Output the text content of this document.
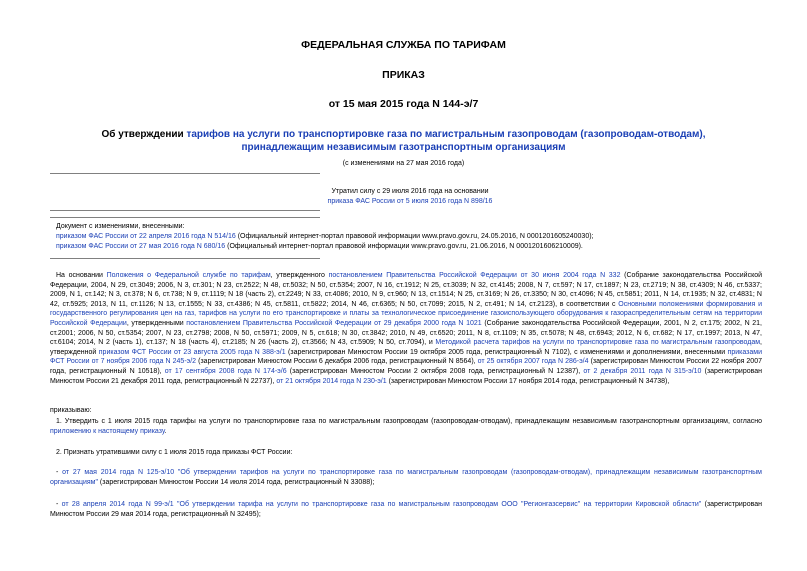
ФЕДЕРАЛЬНАЯ СЛУЖБА ПО ТАРИФАМ
ПРИКАЗ
от 15 мая 2015 года N 144-э/7
Об утверждении тарифов на услуги по транспортировке газа по магистральным газопроводам (газопроводам-отводам), принадлежащим независимым газотранспортным организациям
(с изменениями на 27 мая 2016 года)
Утратил силу с 29 июля 2016 года на основании
приказа ФАС России от 5 июля 2016 года N 898/16
Документ с изменениями, внесенными:
приказом ФАС России от 22 апреля 2016 года N 514/16 (Официальный интернет-портал правовой информации www.pravo.gov.ru, 24.05.2016, N 0001201605240030);
приказом ФАС России от 27 мая 2016 года N 680/16 (Официальный интернет-портал правовой информации www.pravo.gov.ru, 21.06.2016, N 0001201606210009).
На основании Положения о Федеральной службе по тарифам, утвержденного постановлением Правительства Российской Федерации от 30 июня 2004 года N 332 (Собрание законодательства Российской Федерации, 2004, N 29, ст.3049; 2006, N 3, ст.301; N 23, ст.2522; N 48, ст.5032; N 50, ст.5354; 2007, N 16, ст.1912; N 25, ст.3039; N 32, ст.4145; 2008, N 7, ст.597; N 17, ст.1897; N 23, ст.2719; N 38, ст.4309; N 46, ст.5337; 2009, N 1, ст.142; N 3, ст.378; N 6, ст.738; N 9, ст.1119; N 18 (часть 2), ст.2249; N 33, ст.4086; 2010, N 9, ст.960; N 13, ст.1514; N 25, ст.3169; N 26, ст.3350; N 30, ст.4096; N 45, ст.5851; 2011, N 14, ст.1935; N 32, ст.4831; N 42, ст.5925; 2013, N 11, ст.1126; N 13, ст.1555; N 33, ст.4386; N 45, ст.5811, ст.5822; 2014, N 46, ст.6365; N 50, ст.7099; 2015, N 2, ст.491; N 14, ст.2123), в соответствии с Основными положениями формирования и государственного регулирования цен на газ, тарифов на услуги по его транспортировке и платы за технологическое присоединение газоиспользующего оборудования к газораспределительным сетям на территории Российской Федерации, утвержденными постановлением Правительства Российской Федерации от 29 декабря 2000 года N 1021 (Собрание законодательства Российской Федерации, 2001, N 2, ст.175; 2002, N 21, ст.2001; 2006, N 50, ст.5354; 2007, N 23, ст.2798; 2008, N 50, ст.5971; 2009, N 5, ст.618; N 30, ст.3842; 2010, N 49, ст.6520; 2011, N 8, ст.1109; N 35, ст.5078; N 48, ст.6943; 2012, N 6, ст.682; N 17, ст.1997; 2013, N 47, ст.6104; 2014, N 2 (часть 1), ст.137; N 18 (часть 4), ст.2185; N 26 (часть 2), ст.3566; N 43, ст.5909; N 50, ст.7094), и Методикой расчета тарифов на услуги по транспортировке газа по магистральным газопроводам, утвержденной приказом ФСТ России от 23 августа 2005 года N 388-э/1 (зарегистрирован Минюстом России 19 октября 2005 года, регистрационный N 7102), с изменениями и дополнениями, внесенными приказами ФСТ России от 7 ноября 2006 года N 245-э/2 (зарегистрирован Минюстом России 6 декабря 2006 года, регистрационный N 8564), от 25 октября 2007 года N 286-э/4 (зарегистрирован Минюстом России 22 ноября 2007 года, регистрационный N 10518), от 17 сентября 2008 года N 174-э/6 (зарегистрирован Минюстом России 2 октября 2008 года, регистрационный N 12387), от 2 декабря 2011 года N 315-э/10 (зарегистрирован Минюстом России 21 декабря 2011 года, регистрационный N 22737), от 21 октября 2014 года N 230-э/1 (зарегистрирован Минюстом России 17 ноября 2014 года, регистрационный N 34738),
приказываю:
1. Утвердить с 1 июля 2015 года тарифы на услуги по транспортировке газа по магистральным газопроводам (газопроводам-отводам), принадлежащим независимым газотранспортным организациям, согласно приложению к настоящему приказу.
2. Признать утратившими силу с 1 июля 2015 года приказы ФСТ России:
- от 27 мая 2014 года N 125-э/10 "Об утверждении тарифов на услуги по транспортировке газа по магистральным газопроводам (газопроводам-отводам), принадлежащим независимым газотранспортным организациям" (зарегистрирован Минюстом России 14 июля 2014 года, регистрационный N 33088);
- от 28 апреля 2014 года N 99-э/1 "Об утверждении тарифа на услуги по транспортировке газа по магистральным газопроводам ООО "Регионгазсервис" на территории Кировской области" (зарегистрирован Минюстом России 29 мая 2014 года, регистрационный N 32495);
